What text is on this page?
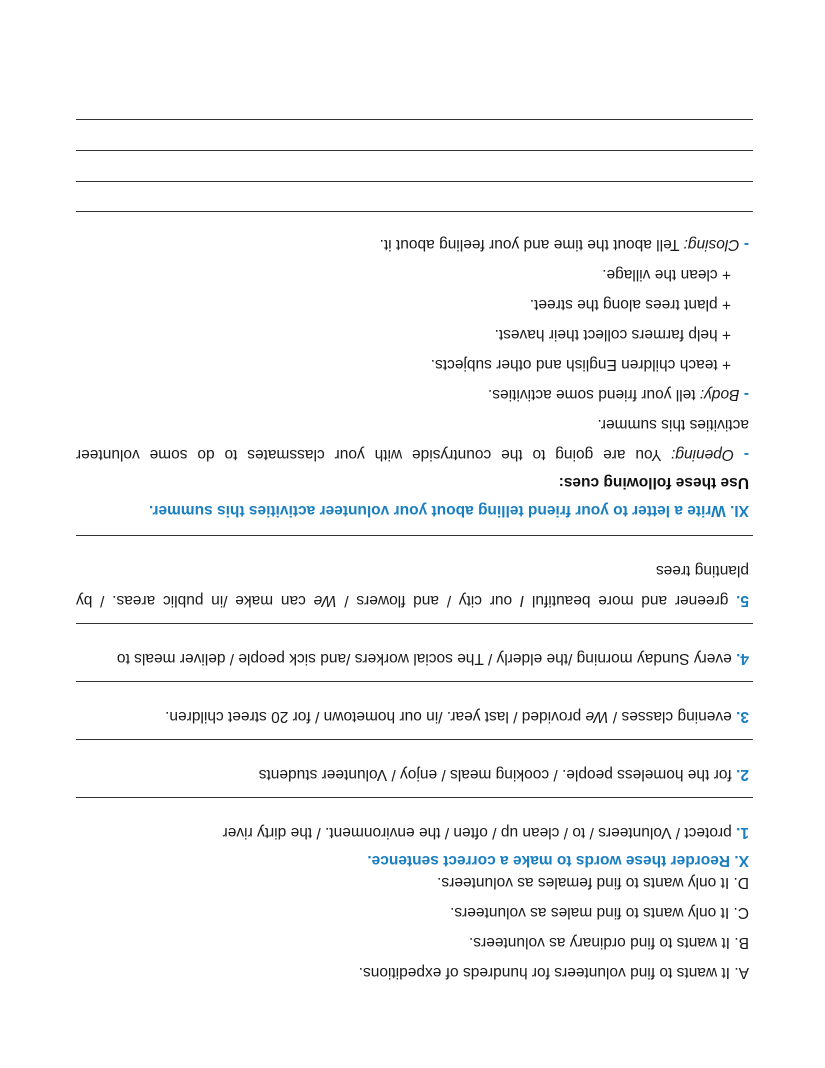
A. It wants to find volunteers for hundreds of expeditions.
B. It wants to find ordinary as volunteers.
C. It only wants to find males as volunteers.
D. It only wants to find females as volunteers.
X. Reorder these words to make a correct sentence.
1. protect / Volunteers / to / clean up / often / the environment. / the dirty river
2. for the homeless people. / cooking meals / enjoy / Volunteer students
3. evening classes / We provided / last year. /in our hometown / for 20 street children.
4. every Sunday morning /the elderly / The social workers /and sick people / deliver meals to
5. greener and more beautiful I our city / and flowers / We can make /in public areas. / by
planting trees
XI. Write a letter to your friend telling about your volunteer activities this summer.
Use these following cues:
- Opening: You are going to the countryside with your classmates to do some volunteer
activities this summer.
- Body: tell your friend some activities.
+ teach children English and other subjects.
+ help farmers collect their havest.
+ plant trees along the street.
+ clean the village.
- Closing: Tell about the time and your feeling about it.
